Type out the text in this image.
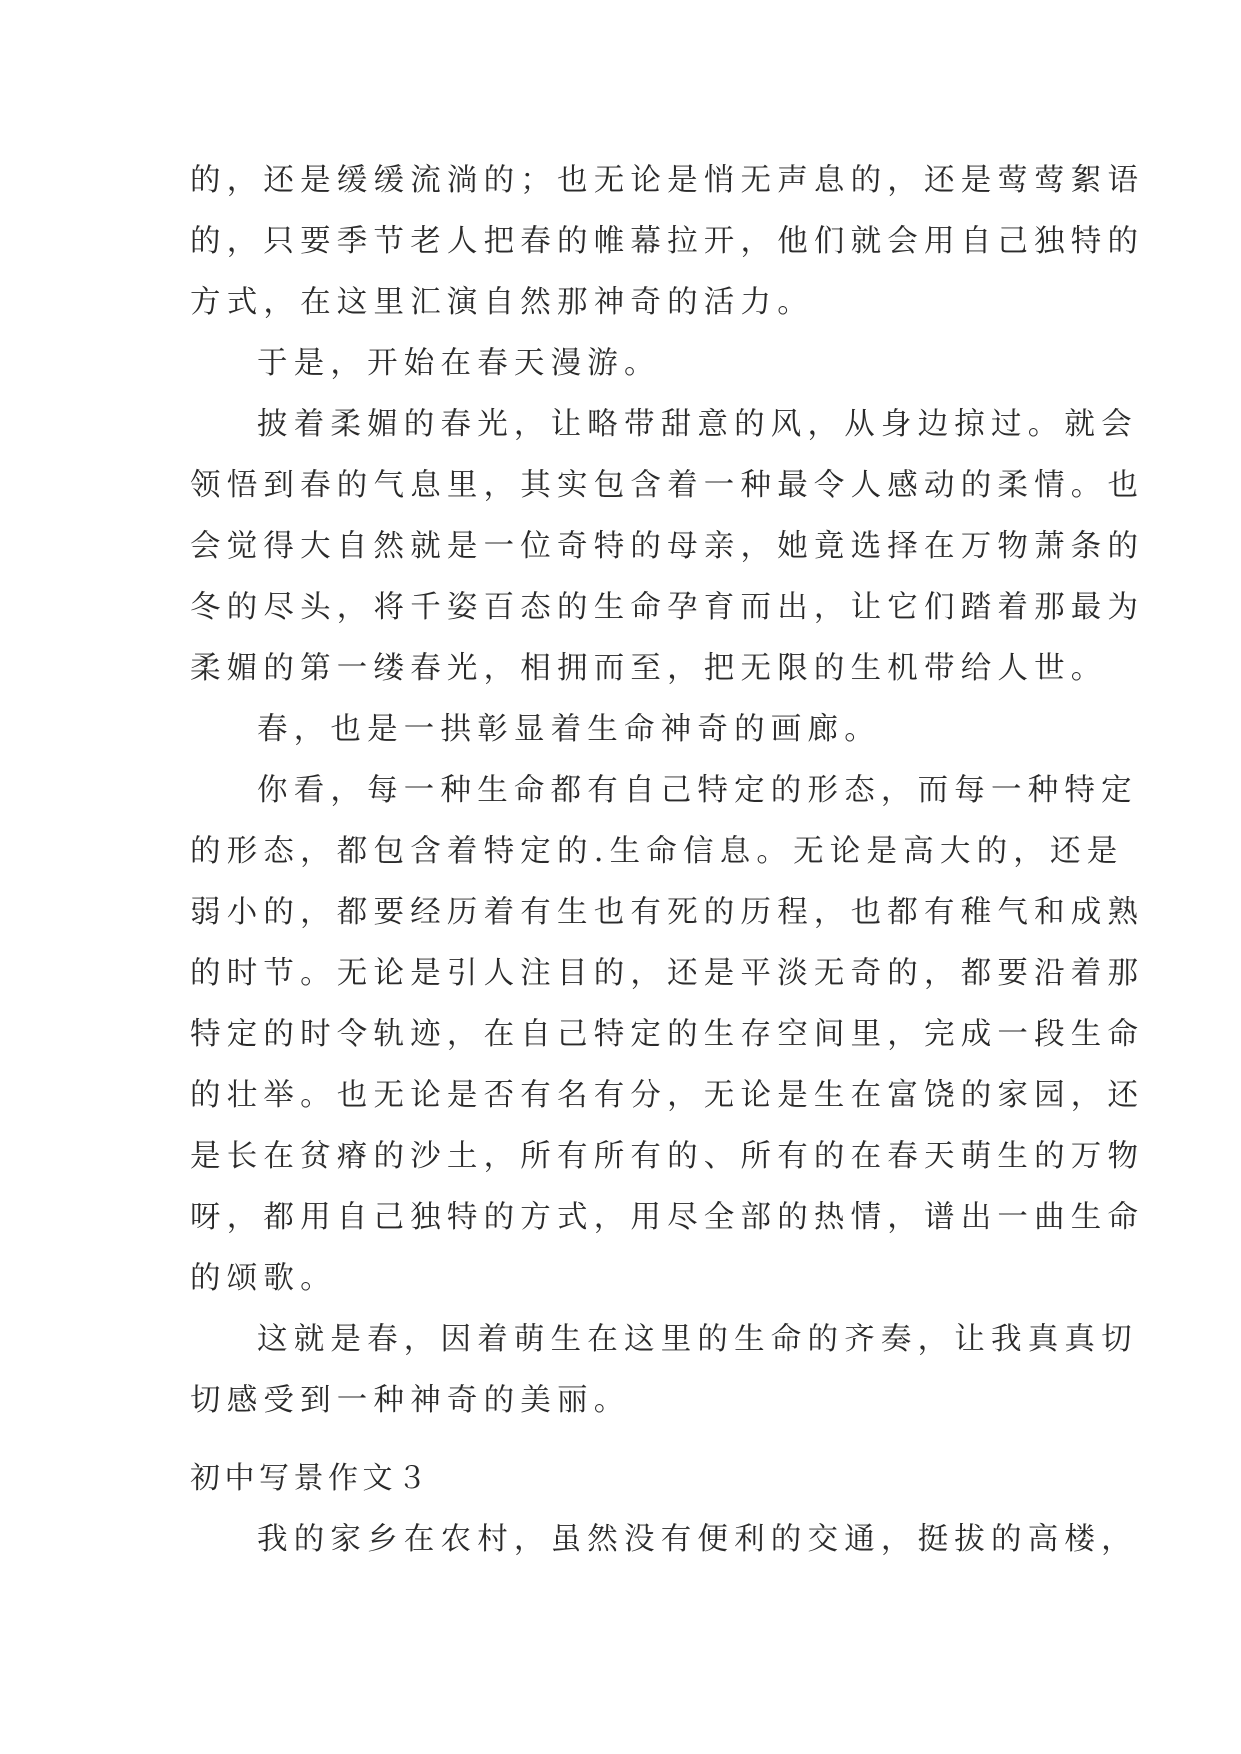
的，还是缓缓流淌的；也无论是悄无声息的，还是莺莺絮语
的，只要季节老人把春的帷幕拉开，他们就会用自己独特的
方式，在这里汇演自然那神奇的活力。
于是，开始在春天漫游。
披着柔媚的春光，让略带甜意的风，从身边掠过。就会
领悟到春的气息里，其实包含着一种最令人感动的柔情。也
会觉得大自然就是一位奇特的母亲，她竟选择在万物萧条的
冬的尽头，将千姿百态的生命孕育而出，让它们踏着那最为
柔媚的第一缕春光，相拥而至，把无限的生机带给人世。
春，也是一拱彰显着生命神奇的画廊。
你看，每一种生命都有自己特定的形态，而每一种特定
的形态，都包含着特定的.生命信息。无论是高大的，还是
弱小的，都要经历着有生也有死的历程，也都有稚气和成熟
的时节。无论是引人注目的，还是平淡无奇的，都要沿着那
特定的时令轨迹，在自己特定的生存空间里，完成一段生命
的壮举。也无论是否有名有分，无论是生在富饶的家园，还
是长在贫瘠的沙土，所有所有的、所有的在春天萌生的万物
呀，都用自己独特的方式，用尽全部的热情，谱出一曲生命
的颂歌。
这就是春，因着萌生在这里的生命的齐奏，让我真真切
切感受到一种神奇的美丽。
初中写景作文３
我的家乡在农村，虽然没有便利的交通，挺拔的高楼，
